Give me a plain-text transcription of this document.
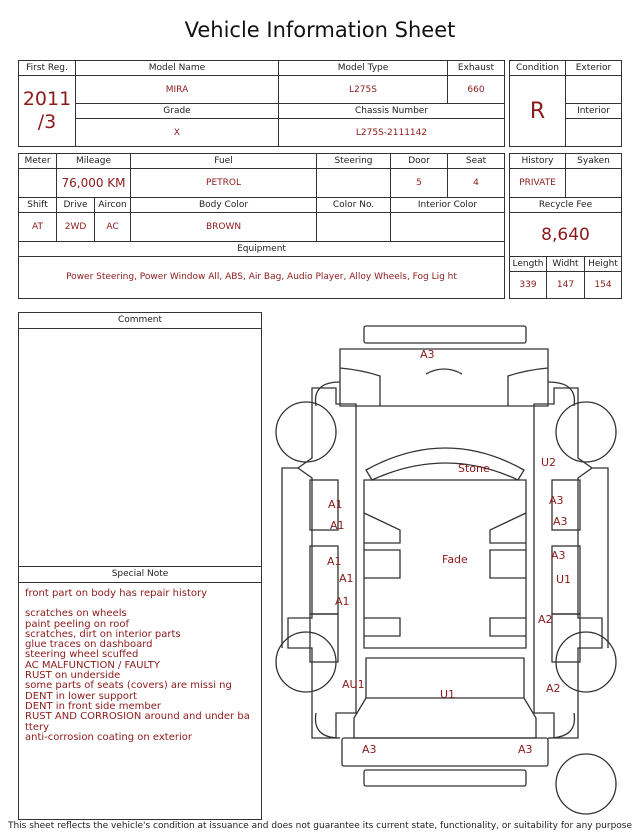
Vehicle Information Sheet
First Reg.	Model Name	Model Type	Exhaust

2011
/3	MIRA	L275S	660
	Grade	Chassis Number	
	X	L275S-2111142	
Meter	Mileage		Fuel	Steering	Door	Seat
	76,000 KM		PETROL		5	4
Shift	Drive	Aircon	Body Color	Color No.	Interior Color	
AT	2WD	AC	BROWN			
Equipment						
Power Steering, Power Window All, ABS, Air Bag, Audio Player, Alloy Wheels, Fog Lig ht						
Condition	Exterior
R	
	Interior

History		Syaken	
PRIVATE			
Recycle Fee			
8,640			
Length	Widht		Height
339	147		154
Comment
Special Note
front part on body has repair history
scratches on wheels
paint peeling on roof
scratches, dirt on interior parts
glue traces on dashboard
steering wheel scuffed
AC MALFUNCTION / FAULTY
RUST on underside
some parts of seats (covers) are missi ng
DENT in lower support
DENT in front side member
RUST AND CORROSION around and under ba ttery
anti-corrosion coating on exterior
A3
Stone	U2
A1
A1
A1
A1
A1
A3
A3
A3
U1
A2
Fade
AU1
U1	A2
A3	A3
This sheet reflects the vehicle's condition at issuance and does not guarantee its current state, functionality, or suitability for any purpose
